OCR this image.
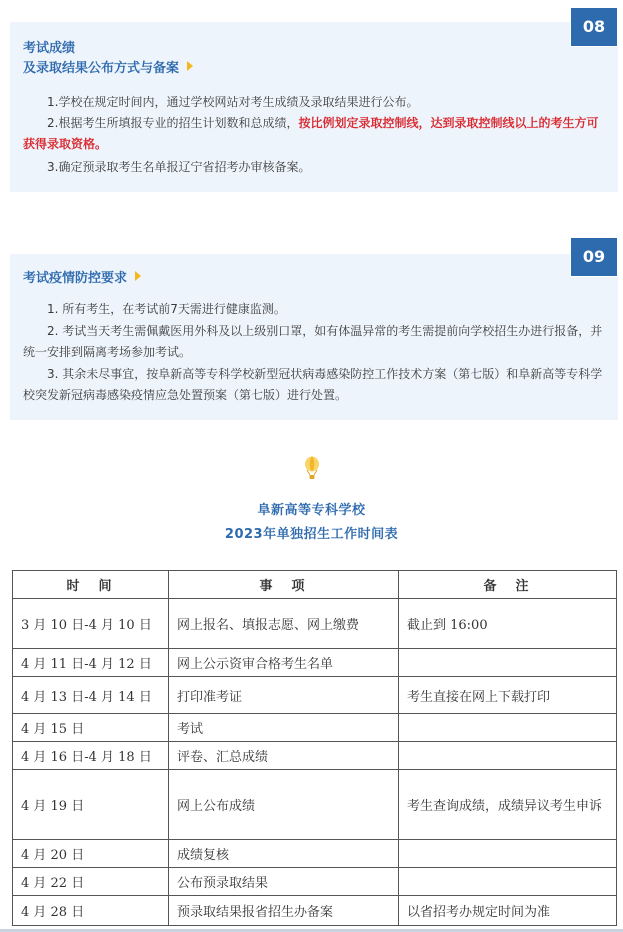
08
考试成绩
及录取结果公布方式与备案

1.学校在规定时间内，通过学校网站对考生成绩及录取结果进行公布。

2.根据考生所填报专业的招生计划数和总成绩，按比例划定录取控制线，达到录取控制线以上的考生方可获得录取资格。

3.确定预录取考生名单报辽宁省招考办审核备案。

09
考试疫情防控要求

1. 所有考生，在考试前7天需进行健康监测。

2. 考试当天考生需佩戴医用外科及以上级别口罩，如有体温异常的考生需提前向学校招生办进行报备，并统一安排到隔离考场参加考试。

3. 其余未尽事宜，按阜新高等专科学校新型冠状病毒感染防控工作技术方案（第七版）和阜新高等专科学校突发新冠病毒感染疫情应急处置预案（第七版）进行处置。

阜新高等专科学校
2023年单独招生工作时间表
时　间	事　项	备　注
3 月 10 日-4 月 10 日	网上报名、填报志愿、网上缴费	截止到 16:00
4 月 11 日-4 月 12 日	网上公示资审合格考生名单	
4 月 13 日-4 月 14 日	打印准考证	考生直接在网上下载打印
4 月 15 日	考试	
4 月 16 日-4 月 18 日	评卷、汇总成绩	
4 月 19 日	网上公布成绩	考生查询成绩，成绩异议考生申诉
4 月 20 日	成绩复核	
4 月 22 日	公布预录取结果	
4 月 28 日	预录取结果报省招生办备案	以省招考办规定时间为准
